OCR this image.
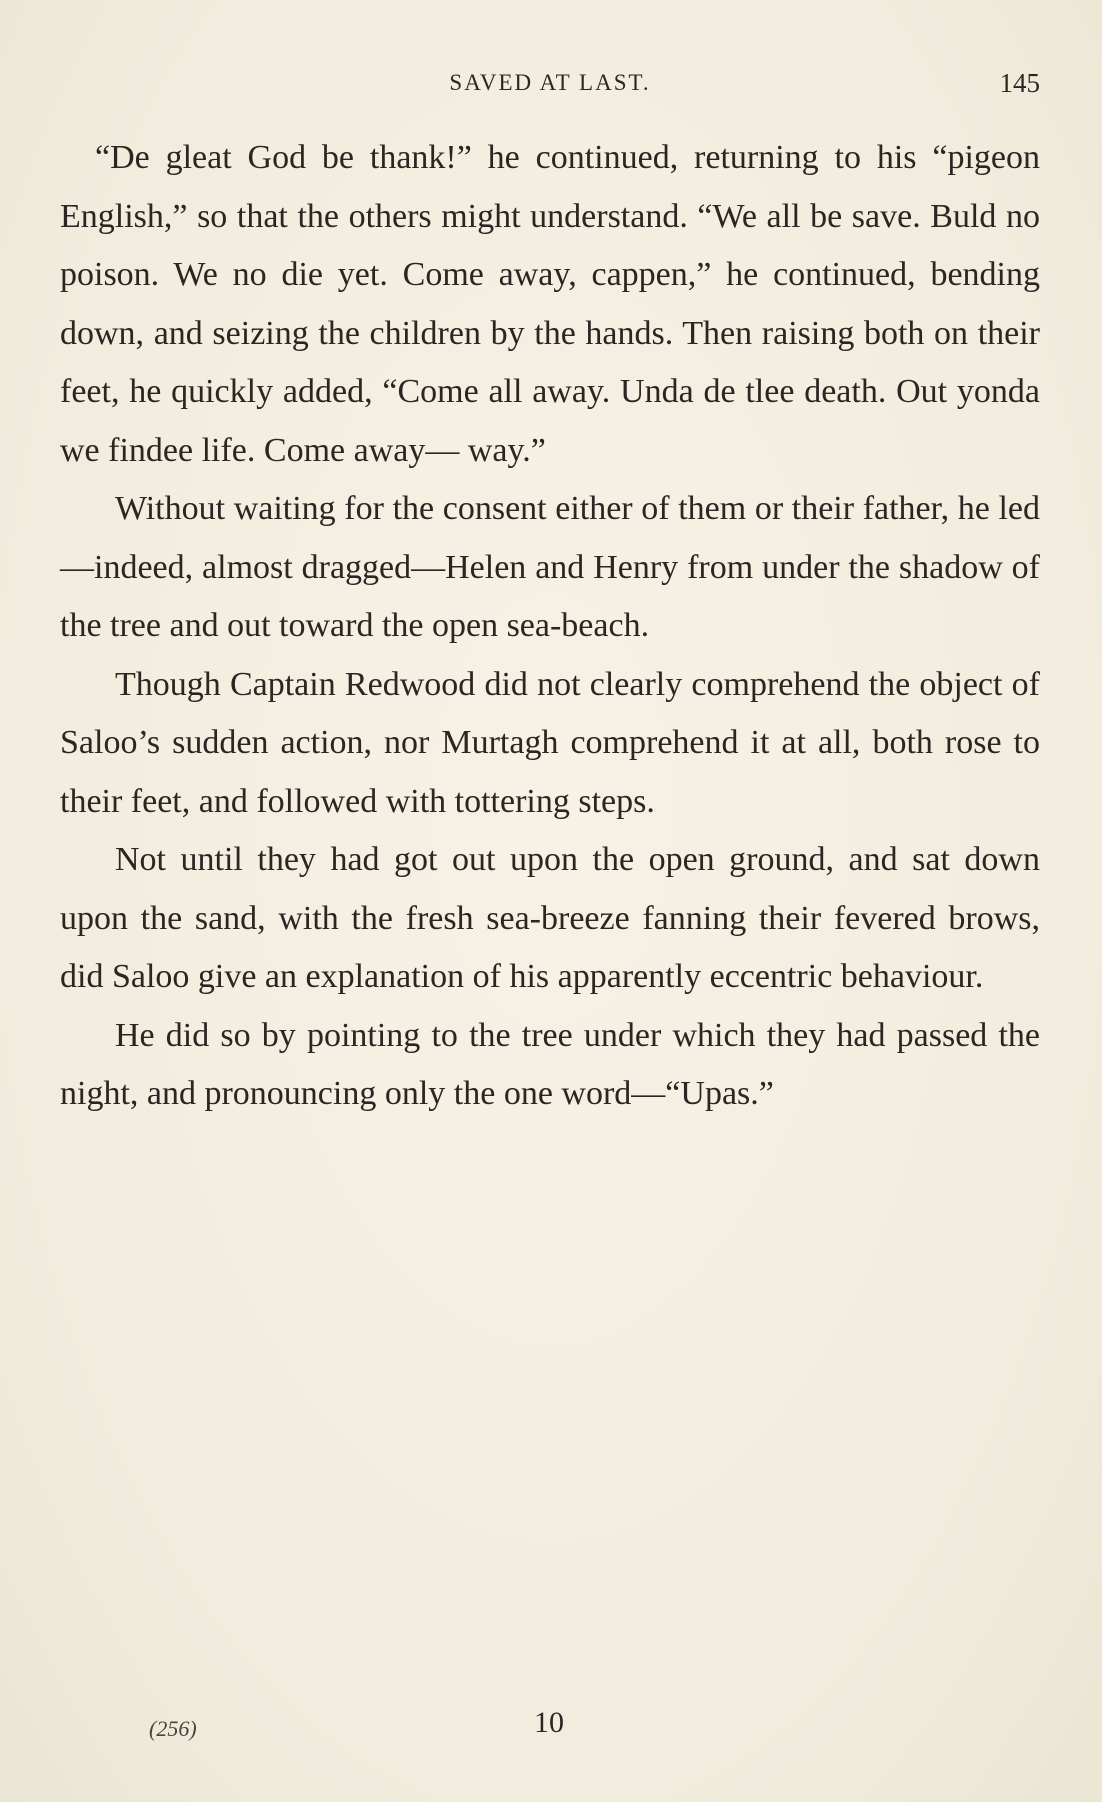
SAVED AT LAST.	145

“De gleat God be thank!” he continued, returning to his “pigeon English,” so that the others might understand. “We all be save. Buld no poison. We no die yet. Come away, cappen,” he continued, bending down, and seizing the children by the hands. Then raising both on their feet, he quickly added, “Come all away. Unda de tlee death. Out yonda we findee life. Come away— way.”

Without waiting for the consent either of them or their father, he led—indeed, almost dragged—Helen and Henry from under the shadow of the tree and out toward the open sea-beach.

Though Captain Redwood did not clearly comprehend the object of Saloo’s sudden action, nor Murtagh comprehend it at all, both rose to their feet, and followed with tottering steps.

Not until they had got out upon the open ground, and sat down upon the sand, with the fresh sea-breeze fanning their fevered brows, did Saloo give an explanation of his apparently eccentric behaviour.

He did so by pointing to the tree under which they had passed the night, and pronouncing only the one word—“Upas.”

(256)	10
